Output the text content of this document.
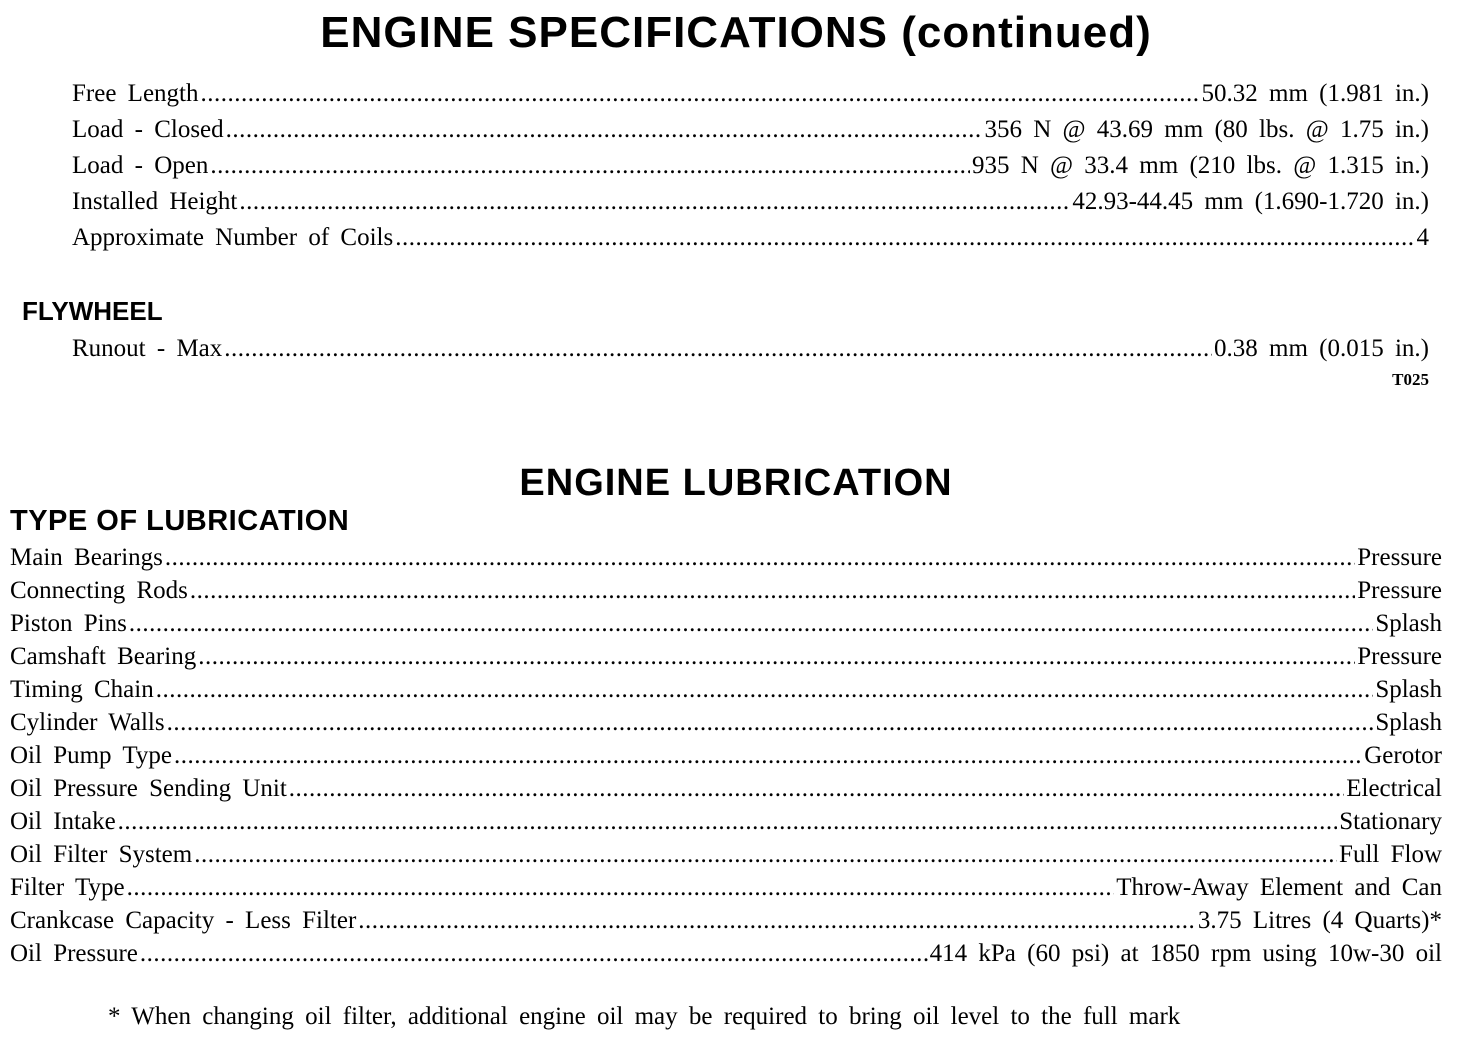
ENGINE SPECIFICATIONS (continued)
Free Length .....	50.32 mm (1.981 in.)
Load - Closed .....	356 N @ 43.69 mm (80 lbs. @ 1.75 in.)
Load - Open .....	935 N @ 33.4 mm (210 lbs. @ 1.315 in.)
Installed Height .....	42.93-44.45 mm (1.690-1.720 in.)
Approximate Number of Coils .....	4
FLYWHEEL
Runout - Max .....	0.38 mm (0.015 in.)

T025

ENGINE LUBRICATION
TYPE OF LUBRICATION
Main Bearings .....	Pressure
Connecting Rods .....	Pressure
Piston Pins .....	Splash
Camshaft Bearing .....	Pressure
Timing Chain .....	Splash
Cylinder Walls .....	Splash
Oil Pump Type .....	Gerotor
Oil Pressure Sending Unit .....	Electrical
Oil Intake .....	Stationary
Oil Filter System .....	Full Flow
Filter Type .....	Throw-Away Element and Can
Crankcase Capacity - Less Filter .....	3.75 Litres (4 Quarts)*
Oil Pressure .....	414 kPa (60 psi) at 1850 rpm using 10w-30 oil

* When changing oil filter, additional engine oil may be required to bring oil level to the full mark
